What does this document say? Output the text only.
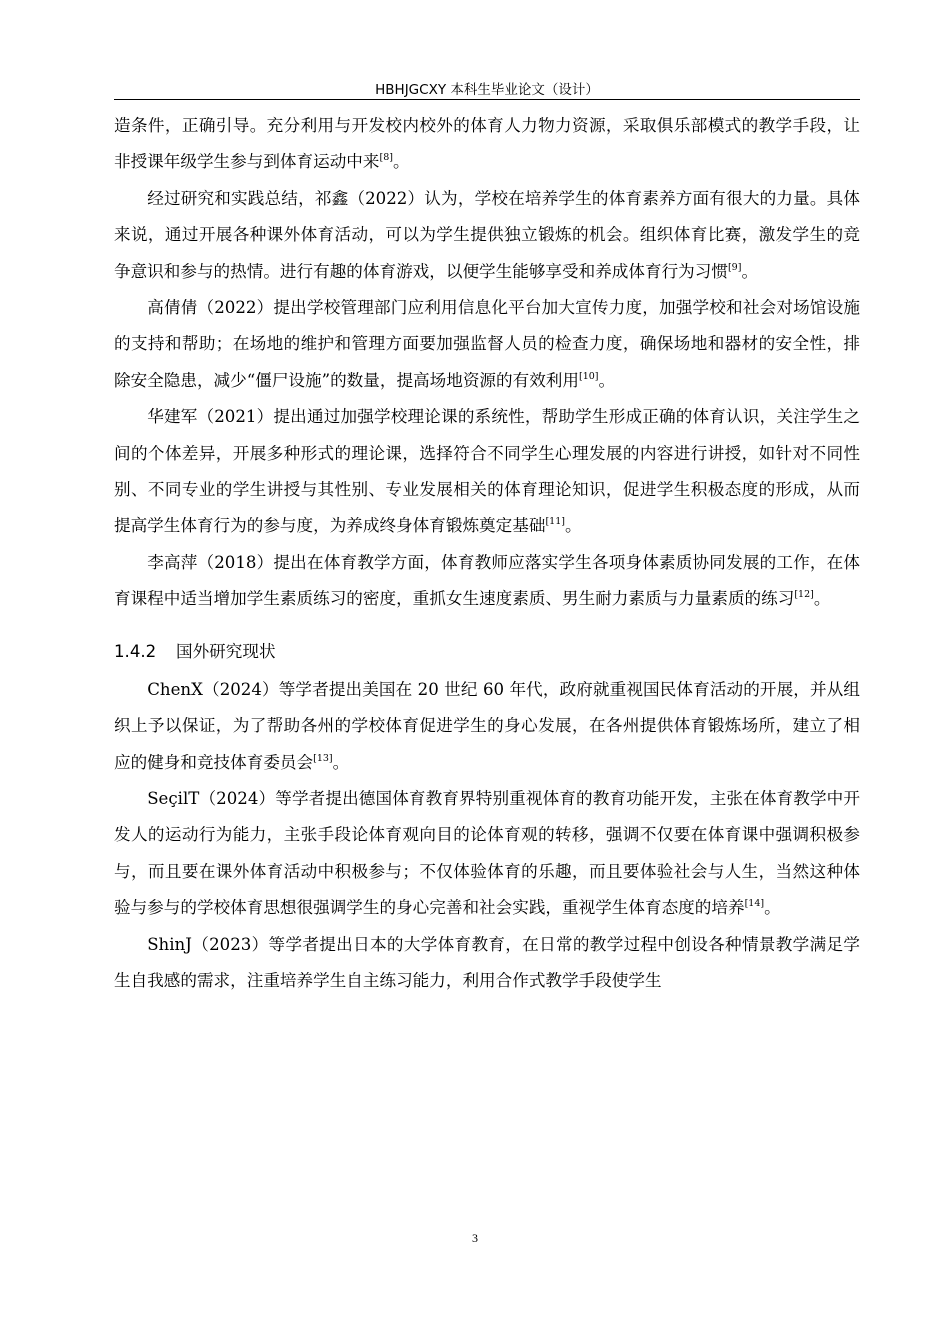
HBHJGCXY 本科生毕业论文（设计）

造条件，正确引导。充分利用与开发校内校外的体育人力物力资源，采取俱乐部模式的教学手段，让非授课年级学生参与到体育运动中来[8]。

经过研究和实践总结，祁鑫（2022）认为，学校在培养学生的体育素养方面有很大的力量。具体来说，通过开展各种课外体育活动，可以为学生提供独立锻炼的机会。组织体育比赛，激发学生的竞争意识和参与的热情。进行有趣的体育游戏，以便学生能够享受和养成体育行为习惯[9]。

高倩倩（2022）提出学校管理部门应利用信息化平台加大宣传力度，加强学校和社会对场馆设施的支持和帮助；在场地的维护和管理方面要加强监督人员的检查力度，确保场地和器材的安全性，排除安全隐患，减少“僵尸设施”的数量，提高场地资源的有效利用[10]。

华建军（2021）提出通过加强学校理论课的系统性，帮助学生形成正确的体育认识，关注学生之间的个体差异，开展多种形式的理论课，选择符合不同学生心理发展的内容进行讲授，如针对不同性别、不同专业的学生讲授与其性别、专业发展相关的体育理论知识，促进学生积极态度的形成，从而提高学生体育行为的参与度，为养成终身体育锻炼奠定基础[11]。

李高萍（2018）提出在体育教学方面，体育教师应落实学生各项身体素质协同发展的工作，在体育课程中适当增加学生素质练习的密度，重抓女生速度素质、男生耐力素质与力量素质的练习[12]。

1.4.2 国外研究现状

ChenX（2024）等学者提出美国在 20 世纪 60 年代，政府就重视国民体育活动的开展，并从组织上予以保证，为了帮助各州的学校体育促进学生的身心发展，在各州提供体育锻炼场所，建立了相应的健身和竞技体育委员会[13]。

SeçilT（2024）等学者提出德国体育教育界特别重视体育的教育功能开发，主张在体育教学中开发人的运动行为能力，主张手段论体育观向目的论体育观的转移，强调不仅要在体育课中强调积极参与，而且要在课外体育活动中积极参与；不仅体验体育的乐趣，而且要体验社会与人生，当然这种体验与参与的学校体育思想很强调学生的身心完善和社会实践，重视学生体育态度的培养[14]。

ShinJ（2023）等学者提出日本的大学体育教育，在日常的教学过程中创设各种情景教学满足学生自我感的需求，注重培养学生自主练习能力，利用合作式教学手段使学生

3
